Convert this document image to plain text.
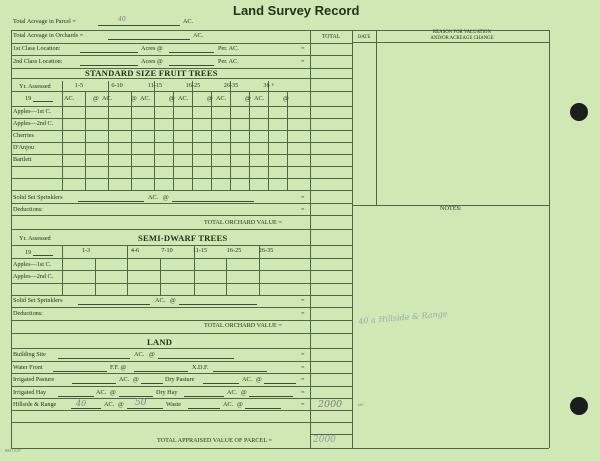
Land Survey Record
SM 13.57
Total Acreage in Parcel =	40	AC.
Total Acreage in Orchards =	AC.
1st Class Location:	Acres @	Per. AC.	=
2nd Class Location:	Acres @	Per. AC.	=
TOTAL	DATE
REASON FOR VALUATION
AND/OR ACREAGE CHANGE
NOTES:
STANDARD SIZE FRUIT TREES
Yr. Assessed
19
1-5	6-10	11-15	16-25	26-35	36 +
AC.	@ AC.	@ AC.	@ AC.	@ AC.	@ AC.	@
Apples—1st C.
Apples—2nd C.
Cherries
D'Anjou
Bartlett
Solid Set Sprinklers	AC. @	=
Deductions:	=
TOTAL ORCHARD VALUE =
Yr. Assessed	SEMI-DWARF TREES
19	1-3	4-6	7-10	11-15	16-25	26-35
Apples—1st C.
Apples—2nd C.
Solid Set Sprinklers	AC. @	=
Deductions:	=
TOTAL ORCHARD VALUE =
LAND
Building Site	AC. @	=
Water Front	F.F. @	X.D.F.	=
Irrigated Pasture	AC. @	Dry Pasture	AC. @	=
Irrigated Hay	AC. @	Dry Hay	AC. @	=
Hillside & Range 40	AC. @ 50	Waste	AC. @	= 2000	ac
TOTAL APPRAISED VALUE OF PARCEL =	2000
40 a Hillside & Range
